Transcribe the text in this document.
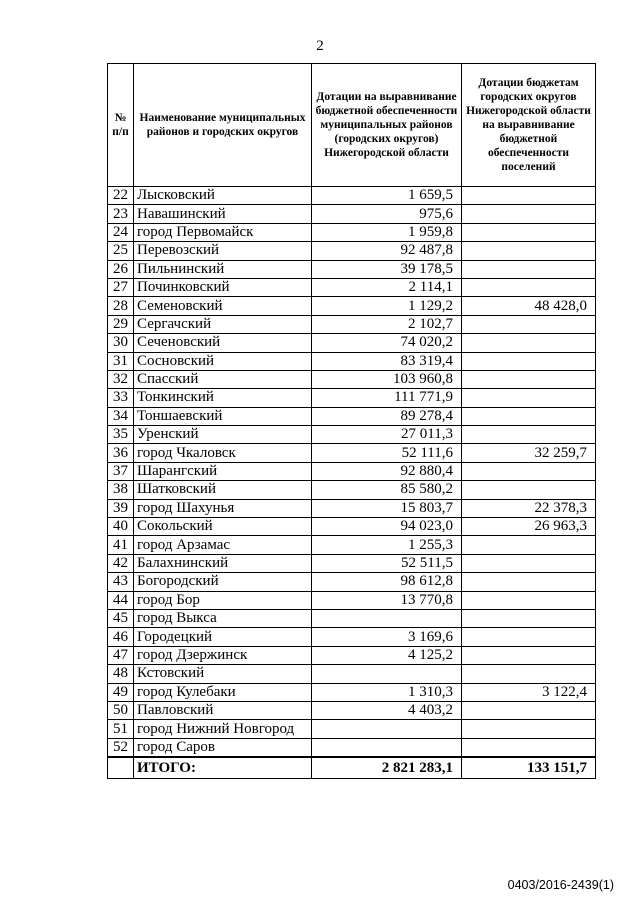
2
№ п/п	Наименование муниципальных районов и городских округов	Дотации на выравнивание бюджетной обеспеченности муниципальных районов (городских округов) Нижегородской области	Дотации бюджетам городских округов Нижегородской области на выравнивание бюджетной обеспеченности поселений
22	Лысковский	1 659,5	
23	Навашинский	975,6	
24	город Первомайск	1 959,8	
25	Перевозский	92 487,8	
26	Пильнинский	39 178,5	
27	Починковский	2 114,1	
28	Семеновский	1 129,2	48 428,0
29	Сергачский	2 102,7	
30	Сеченовский	74 020,2	
31	Сосновский	83 319,4	
32	Спасский	103 960,8	
33	Тонкинский	111 771,9	
34	Тоншаевский	89 278,4	
35	Уренский	27 011,3	
36	город Чкаловск	52 111,6	32 259,7
37	Шарангский	92 880,4	
38	Шатковский	85 580,2	
39	город Шахунья	15 803,7	22 378,3
40	Сокольский	94 023,0	26 963,3
41	город Арзамас	1 255,3	
42	Балахнинский	52 511,5	
43	Богородский	98 612,8	
44	город Бор	13 770,8	
45	город Выкса		
46	Городецкий	3 169,6	
47	город Дзержинск	4 125,2	
48	Кстовский		
49	город Кулебаки	1 310,3	3 122,4
50	Павловский	4 403,2	
51	город Нижний Новгород		
52	город Саров		
	ИТОГО:	2 821 283,1	133 151,7
0403/2016-2439(1)
